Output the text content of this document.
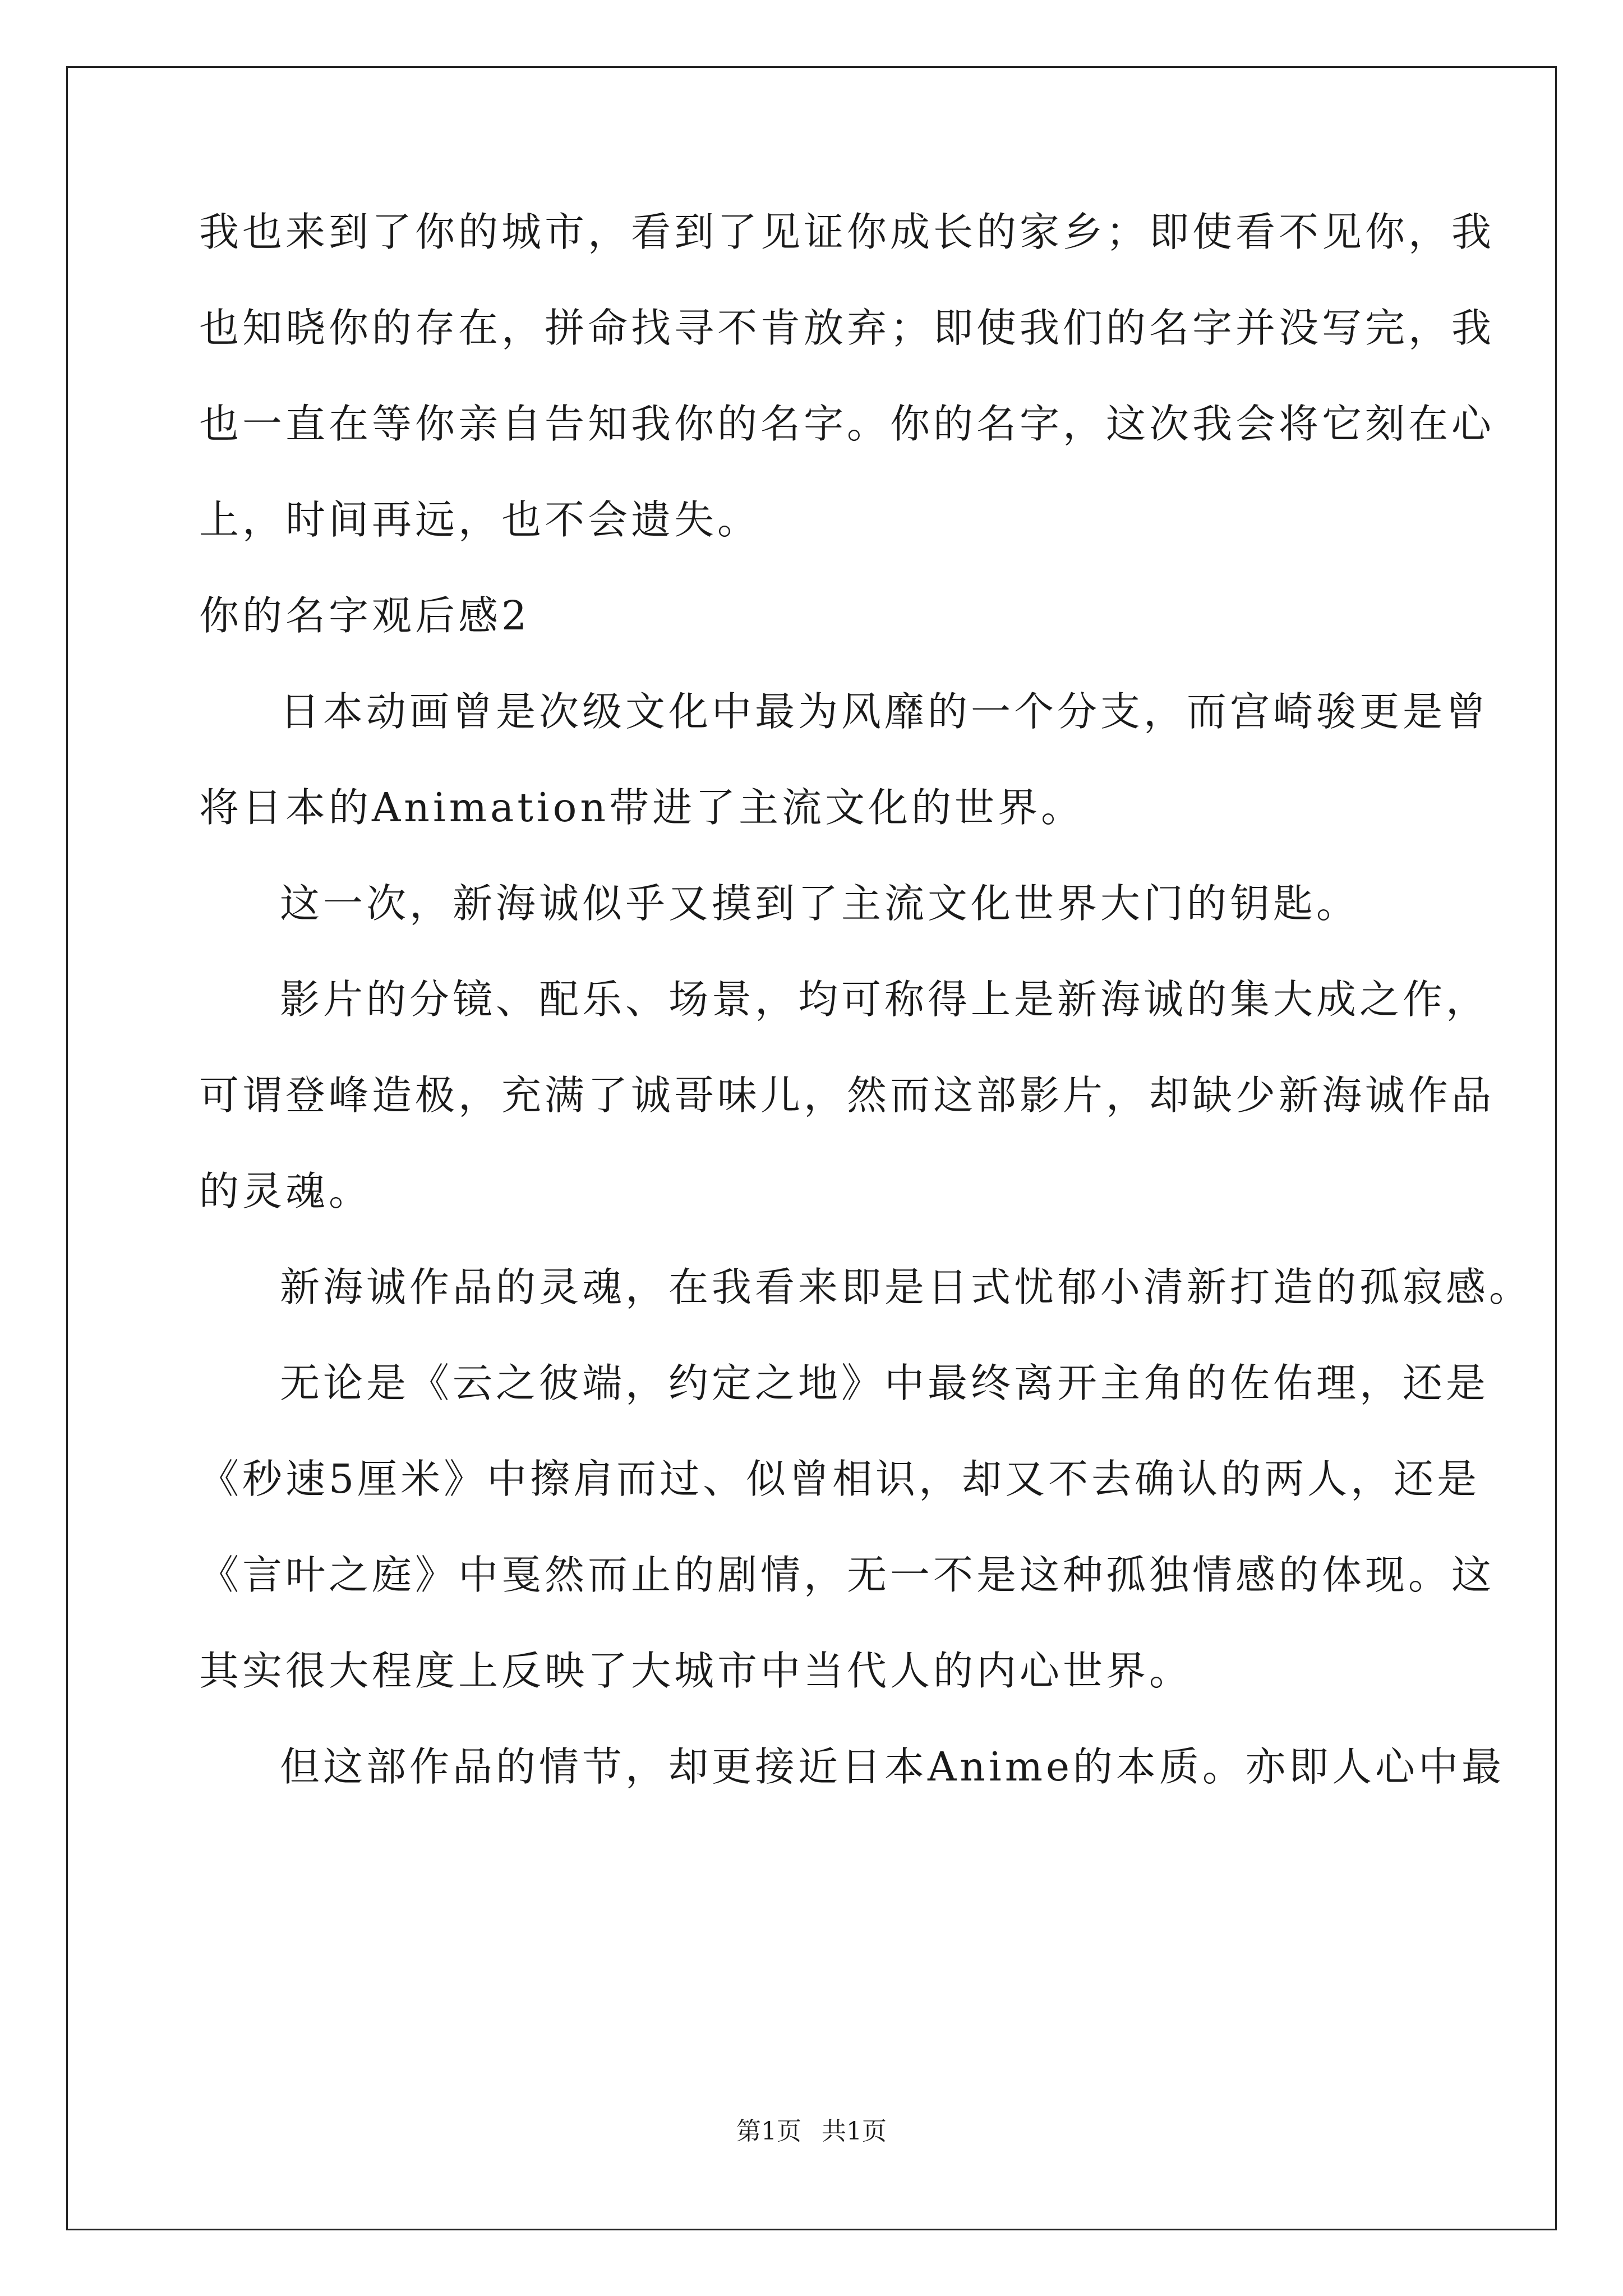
我也来到了你的城市，看到了见证你成长的家乡；即使看不见你，我
也知晓你的存在，拼命找寻不肯放弃；即使我们的名字并没写完，我
也一直在等你亲自告知我你的名字。你的名字，这次我会将它刻在心
上，时间再远，也不会遗失。
你的名字观后感2
日本动画曾是次级文化中最为风靡的一个分支，而宫崎骏更是曾
将日本的Animation带进了主流文化的世界。
这一次，新海诚似乎又摸到了主流文化世界大门的钥匙。
影片的分镜、配乐、场景，均可称得上是新海诚的集大成之作，
可谓登峰造极，充满了诚哥味儿，然而这部影片，却缺少新海诚作品
的灵魂。
新海诚作品的灵魂，在我看来即是日式忧郁小清新打造的孤寂感。
无论是《云之彼端，约定之地》中最终离开主角的佐佑理，还是
《秒速5厘米》中擦肩而过、似曾相识，却又不去确认的两人，还是
《言叶之庭》中戛然而止的剧情，无一不是这种孤独情感的体现。这
其实很大程度上反映了大城市中当代人的内心世界。
但这部作品的情节，却更接近日本Anime的本质。亦即人心中最
第1页 共1页
